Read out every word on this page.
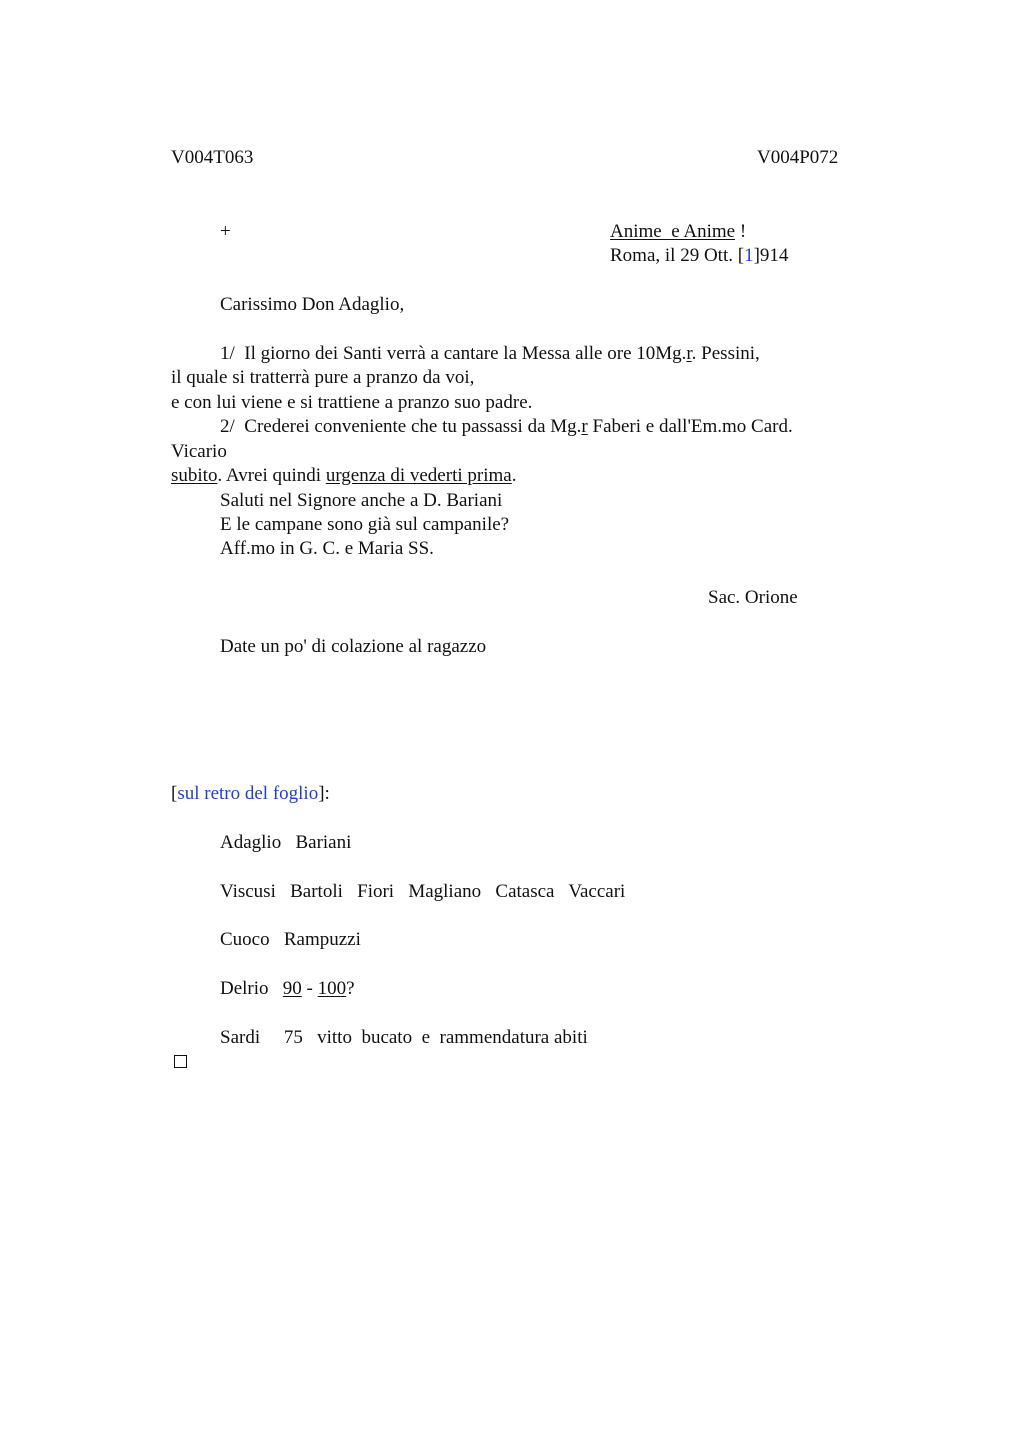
V004T063	V004P072
+	Anime  e Anime !
Roma, il 29 Ott. [1]914
Carissimo Don Adaglio,
1/  Il giorno dei Santi verrà a cantare la Messa alle ore 10Mg.r. Pessini,
il quale si tratterrà pure a pranzo da voi,
e con lui viene e si trattiene a pranzo suo padre.
2/  Crederei conveniente che tu passassi da Mg.r Faberi e dall'Em.mo Card.
Vicario
subito. Avrei quindi urgenza di vederti prima.
Saluti nel Signore anche a D. Bariani
E le campane sono già sul campanile?
Aff.mo in G. C. e Maria SS.
Sac. Orione
Date un po' di colazione al ragazzo
[sul retro del foglio]:
Adaglio   Bariani
Viscusi   Bartoli   Fiori   Magliano   Catasca   Vaccari
Cuoco   Rampuzzi
Delrio   90 - 100?
Sardi     75   vitto  bucato  e  rammendatura abiti
